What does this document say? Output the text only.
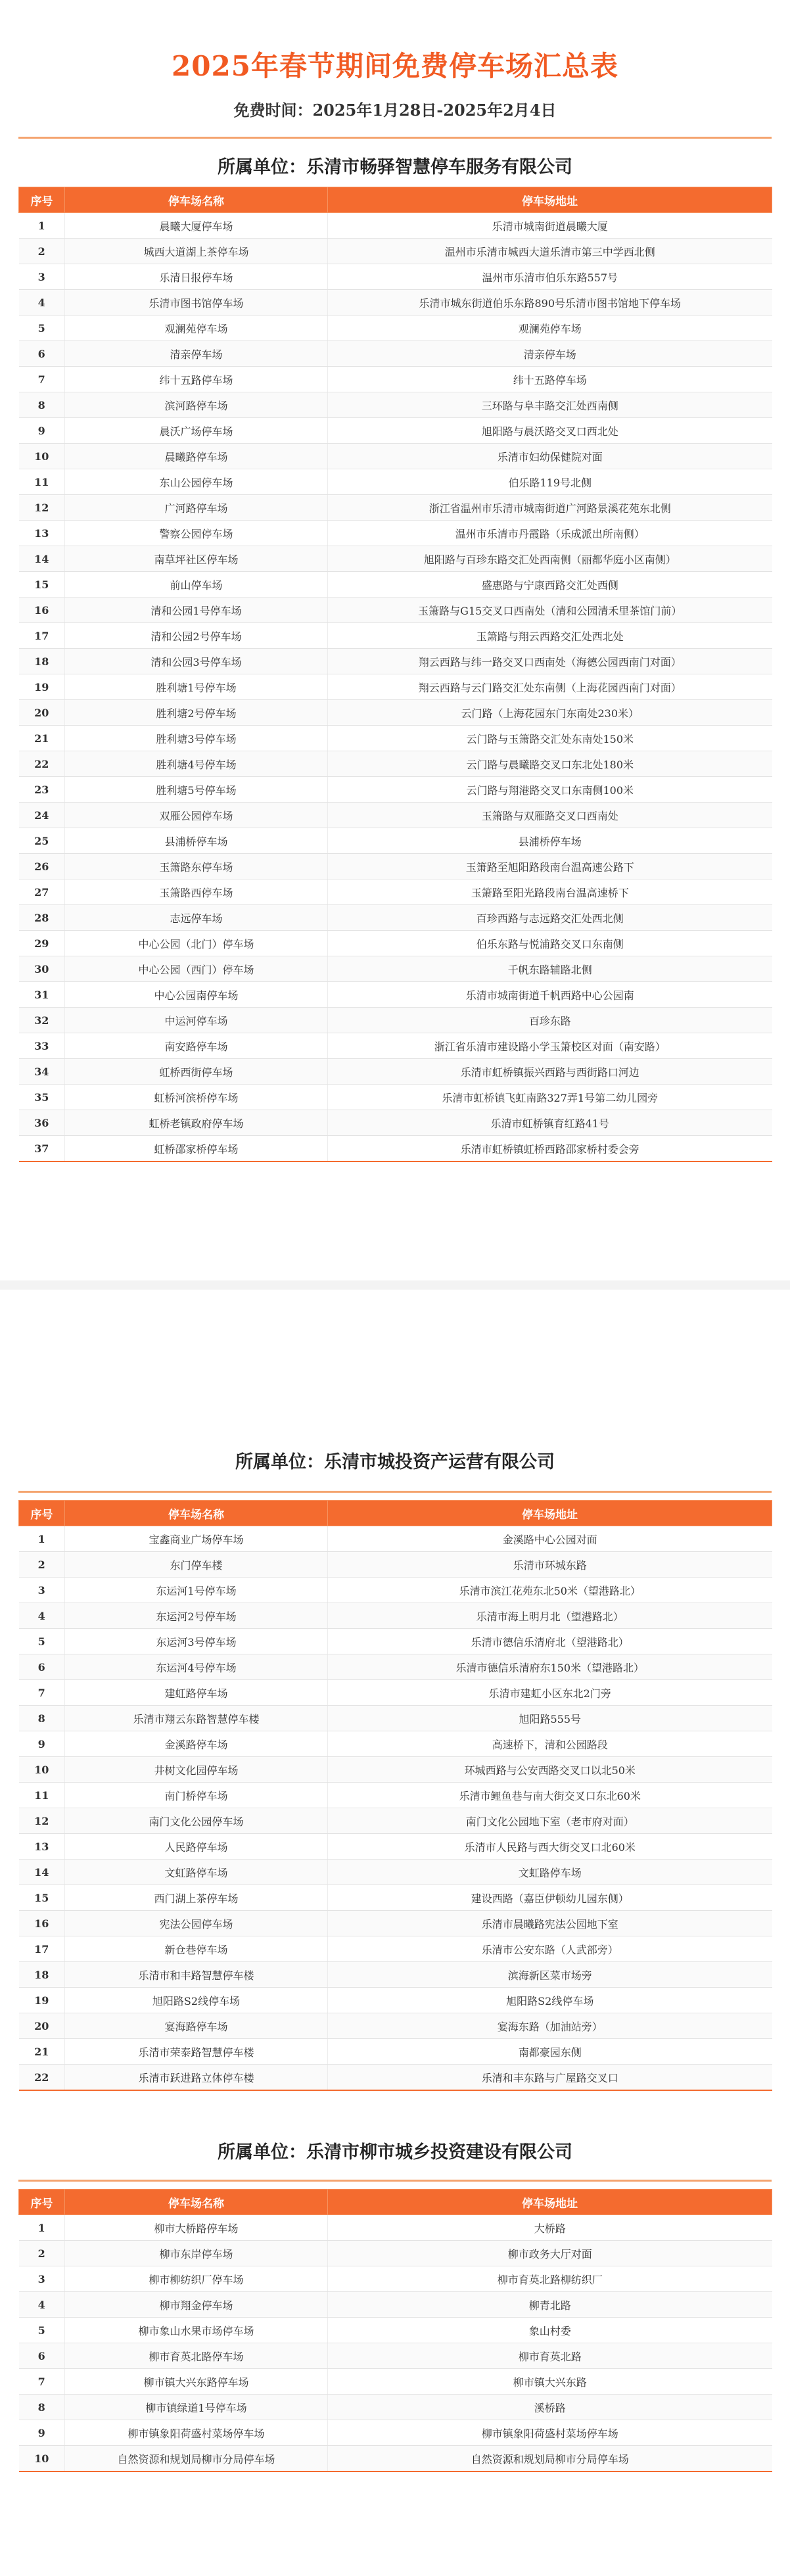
2025年春节期间免费停车场汇总表
免费时间：2025年1月28日-2025年2月4日
所属单位：乐清市畅驿智慧停车服务有限公司
序号	停车场名称	停车场地址
1	晨曦大厦停车场	乐清市城南街道晨曦大厦
2	城西大道湖上茶停车场	温州市乐清市城西大道乐清市第三中学西北侧
3	乐清日报停车场	温州市乐清市伯乐东路557号
4	乐清市图书馆停车场	乐清市城东街道伯乐东路890号乐清市图书馆地下停车场
5	观澜苑停车场	观澜苑停车场
6	清亲停车场	清亲停车场
7	纬十五路停车场	纬十五路停车场
8	滨河路停车场	三环路与阜丰路交汇处西南侧
9	晨沃广场停车场	旭阳路与晨沃路交叉口西北处
10	晨曦路停车场	乐清市妇幼保健院对面
11	东山公园停车场	伯乐路119号北侧
12	广河路停车场	浙江省温州市乐清市城南街道广河路景溪花苑东北侧
13	警察公园停车场	温州市乐清市丹霞路（乐成派出所南侧）
14	南草坪社区停车场	旭阳路与百珍东路交汇处西南侧（丽都华庭小区南侧）
15	前山停车场	盛惠路与宁康西路交汇处西侧
16	清和公园1号停车场	玉箫路与G15交叉口西南处（清和公园清禾里茶馆门前）
17	清和公园2号停车场	玉箫路与翔云西路交汇处西北处
18	清和公园3号停车场	翔云西路与纬一路交叉口西南处（海德公园西南门对面）
19	胜利塘1号停车场	翔云西路与云门路交汇处东南侧（上海花园西南门对面）
20	胜利塘2号停车场	云门路（上海花园东门东南处230米）
21	胜利塘3号停车场	云门路与玉箫路交汇处东南处150米
22	胜利塘4号停车场	云门路与晨曦路交叉口东北处180米
23	胜利塘5号停车场	云门路与翔港路交叉口东南侧100米
24	双雁公园停车场	玉箫路与双雁路交叉口西南处
25	县浦桥停车场	县浦桥停车场
26	玉箫路东停车场	玉箫路至旭阳路段南台温高速公路下
27	玉箫路西停车场	玉箫路至阳光路段南台温高速桥下
28	志远停车场	百珍西路与志远路交汇处西北侧
29	中心公园（北门）停车场	伯乐东路与悦浦路交叉口东南侧
30	中心公园（西门）停车场	千帆东路辅路北侧
31	中心公园南停车场	乐清市城南街道千帆西路中心公园南
32	中运河停车场	百珍东路
33	南安路停车场	浙江省乐清市建设路小学玉箫校区对面（南安路）
34	虹桥西街停车场	乐清市虹桥镇振兴西路与西街路口河边
35	虹桥河滨桥停车场	乐清市虹桥镇飞虹南路327弄1号第二幼儿园旁
36	虹桥老镇政府停车场	乐清市虹桥镇育红路41号
37	虹桥邵家桥停车场	乐清市虹桥镇虹桥西路邵家桥村委会旁
所属单位：乐清市城投资产运营有限公司
序号	停车场名称	停车场地址
1	宝鑫商业广场停车场	金溪路中心公园对面
2	东门停车楼	乐清市环城东路
3	东运河1号停车场	乐清市滨江花苑东北50米（望港路北）
4	东运河2号停车场	乐清市海上明月北（望港路北）
5	东运河3号停车场	乐清市德信乐清府北（望港路北）
6	东运河4号停车场	乐清市德信乐清府东150米（望港路北）
7	建虹路停车场	乐清市建虹小区东北2门旁
8	乐清市翔云东路智慧停车楼	旭阳路555号
9	金溪路停车场	高速桥下，清和公园路段
10	井树文化园停车场	环城西路与公安西路交叉口以北50米
11	南门桥停车场	乐清市鲤鱼巷与南大街交叉口东北60米
12	南门文化公园停车场	南门文化公园地下室（老市府对面）
13	人民路停车场	乐清市人民路与西大街交叉口北60米
14	文虹路停车场	文虹路停车场
15	西门湖上茶停车场	建设西路（嘉臣伊顿幼儿园东侧）
16	宪法公园停车场	乐清市晨曦路宪法公园地下室
17	新仓巷停车场	乐清市公安东路（人武部旁）
18	乐清市和丰路智慧停车楼	滨海新区菜市场旁
19	旭阳路S2线停车场	旭阳路S2线停车场
20	宴海路停车场	宴海东路（加油站旁）
21	乐清市荣泰路智慧停车楼	南都豪园东侧
22	乐清市跃进路立体停车楼	乐清和丰东路与广屋路交叉口
所属单位：乐清市柳市城乡投资建设有限公司
序号	停车场名称	停车场地址
1	柳市大桥路停车场	大桥路
2	柳市东岸停车场	柳市政务大厅对面
3	柳市柳纺织厂停车场	柳市育英北路柳纺织厂
4	柳市翔金停车场	柳青北路
5	柳市象山水果市场停车场	象山村委
6	柳市育英北路停车场	柳市育英北路
7	柳市镇大兴东路停车场	柳市镇大兴东路
8	柳市镇绿道1号停车场	溪桥路
9	柳市镇象阳荷盛村菜场停车场	柳市镇象阳荷盛村菜场停车场
10	自然资源和规划局柳市分局停车场	自然资源和规划局柳市分局停车场
